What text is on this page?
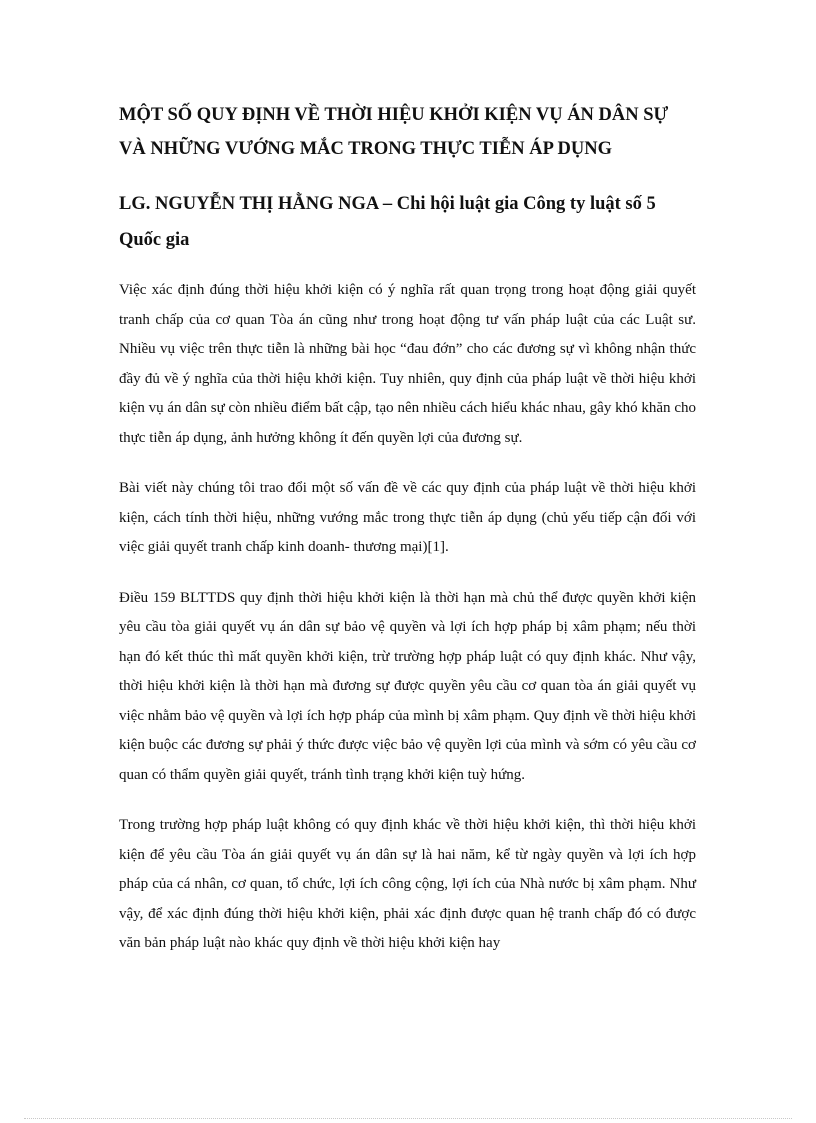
MỘT SỐ QUY ĐỊNH VỀ THỜI HIỆU KHỞI KIỆN VỤ ÁN DÂN SỰ VÀ NHỮNG VƯỚNG MẮC TRONG THỰC TIỄN ÁP DỤNG
LG. NGUYỄN THỊ HẰNG NGA – Chi hội luật gia Công ty luật số 5 Quốc gia

Việc xác định đúng thời hiệu khởi kiện có ý nghĩa rất quan trọng trong hoạt động giải quyết tranh chấp của cơ quan Tòa án cũng như trong hoạt động tư vấn pháp luật của các Luật sư. Nhiều vụ việc trên thực tiễn là những bài học “đau đớn” cho các đương sự vì không nhận thức đầy đủ về ý nghĩa của thời hiệu khởi kiện. Tuy nhiên, quy định của pháp luật về thời hiệu khởi kiện vụ án dân sự còn nhiều điểm bất cập, tạo nên nhiều cách hiểu khác nhau, gây khó khăn cho thực tiễn áp dụng, ảnh hưởng không ít đến quyền lợi của đương sự.

Bài viết này chúng tôi trao đổi một số vấn đề về các quy định của pháp luật về thời hiệu khởi kiện, cách tính thời hiệu, những vướng mắc trong thực tiễn áp dụng (chủ yếu tiếp cận đối với việc giải quyết tranh chấp kinh doanh- thương mại)[1].

Điều 159 BLTTDS quy định thời hiệu khởi kiện là thời hạn mà chủ thể được quyền khởi kiện yêu cầu tòa giải quyết vụ án dân sự bảo vệ quyền và lợi ích hợp pháp bị xâm phạm; nếu thời hạn đó kết thúc thì mất quyền khởi kiện, trừ trường hợp pháp luật có quy định khác. Như vậy, thời hiệu khởi kiện là thời hạn mà đương sự được quyền yêu cầu cơ quan tòa án giải quyết vụ việc nhằm bảo vệ quyền và lợi ích hợp pháp của mình bị xâm phạm. Quy định về thời hiệu khởi kiện buộc các đương sự phải ý thức được việc bảo vệ quyền lợi của mình và sớm có yêu cầu cơ quan có thẩm quyền giải quyết, tránh tình trạng khởi kiện tuỳ hứng.

Trong trường hợp pháp luật không có quy định khác về thời hiệu khởi kiện, thì thời hiệu khởi kiện để yêu cầu Tòa án giải quyết vụ án dân sự là hai năm, kể từ ngày quyền và lợi ích hợp pháp của cá nhân, cơ quan, tổ chức, lợi ích công cộng, lợi ích của Nhà nước bị xâm phạm. Như vậy, để xác định đúng thời hiệu khởi kiện, phải xác định được quan hệ tranh chấp đó có được văn bản pháp luật nào khác quy định về thời hiệu khởi kiện hay
